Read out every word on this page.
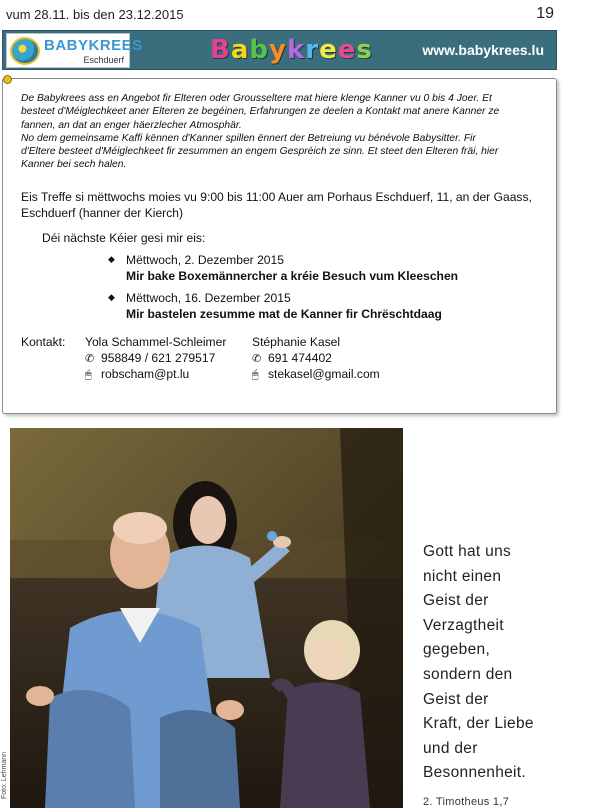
vum 28.11. bis den 23.12.2015	19
BABYKREES
Eschduerf	Babykrees	www.babykrees.lu
De Babykrees ass en Angebot fir Elteren oder Grousseltere mat hiere klenge Kanner vu 0 bis 4 Joer. Et
besteet d'Méiglechkeet aner Elteren ze begéinen, Erfahrungen ze deelen a Kontakt mat anere Kanner ze
fannen, an dat an enger häerzlecher Atmosphär.
No dem gemeinsame Kaffi kënnen d'Kanner spillen ënnert der Betreiung vu bénévole Babysitter. Fir
d'Eltere besteet d'Méiglechkeet fir zesummen an engem Gespréich ze sinn. Et steet den Elteren fräi, hier
Kanner bei sech halen.
Eis Treffe si mëttwochs moies vu 9:00 bis 11:00 Auer am Porhaus Eschduerf, 11, an der Gaass,
Eschduerf (hanner der Kierch)
Déi nächste Kéier gesi mir eis:
◆ Mëttwoch, 2. Dezember 2015
Mir bake Boxemännercher a kréie Besuch vum Kleeschen
◆ Mëttwoch, 16. Dezember 2015
Mir bastelen zesumme mat de Kanner fir Chrëschtdaag
Kontakt: Yola Schammel-Schleimer
✆ 958849 / 621 279517
🖱 robscham@pt.lu
Stéphanie Kasel
✆ 691 474402
🖱 stekasel@gmail.com
Foto: Lehmann
Gott hat uns
nicht einen
Geist der
Verzagtheit
gegeben,
sondern den
Geist der
Kraft, der Liebe
und der
Besonnenheit.
2. Timotheus 1,7
